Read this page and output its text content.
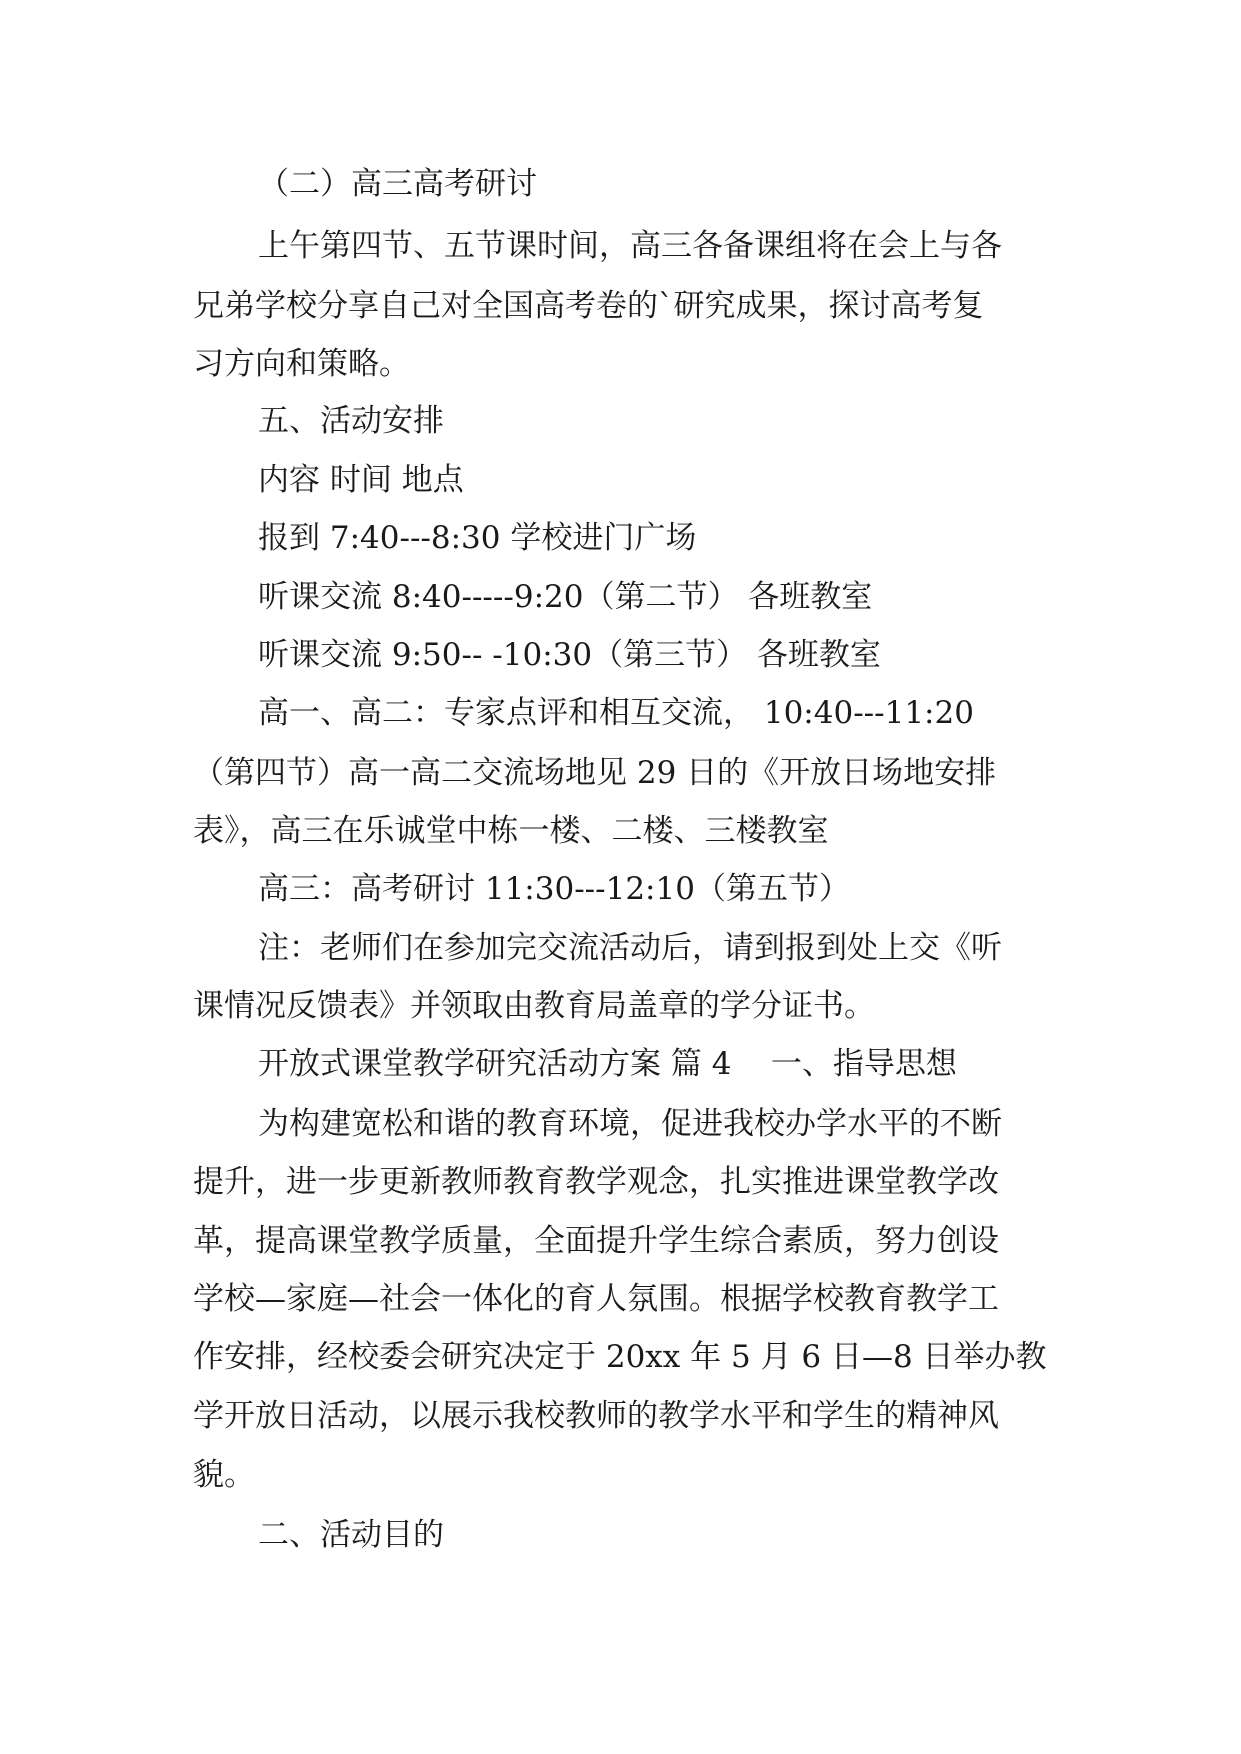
（二）高三高考研讨
上午第四节、五节课时间，高三各备课组将在会上与各
兄弟学校分享自己对全国高考卷的`研究成果，探讨高考复
习方向和策略。
五、活动安排
内容 时间 地点
报到 7:40---8:30 学校进门广场
听课交流 8:40-----9:20（第二节） 各班教室
听课交流 9:50-- -10:30（第三节） 各班教室
高一、高二：专家点评和相互交流， 10:40---11:20
（第四节）高一高二交流场地见 29 日的《开放日场地安排
表》，高三在乐诚堂中栋一楼、二楼、三楼教室
高三：高考研讨 11:30---12:10（第五节）
注：老师们在参加完交流活动后，请到报到处上交《听
课情况反馈表》并领取由教育局盖章的学分证书。
开放式课堂教学研究活动方案 篇 4    一、指导思想
为构建宽松和谐的教育环境，促进我校办学水平的不断
提升，进一步更新教师教育教学观念，扎实推进课堂教学改
革，提高课堂教学质量，全面提升学生综合素质，努力创设
学校—家庭—社会一体化的育人氛围。根据学校教育教学工
作安排，经校委会研究决定于 20xx 年 5 月 6 日—8 日举办教
学开放日活动，以展示我校教师的教学水平和学生的精神风
貌。
二、活动目的
